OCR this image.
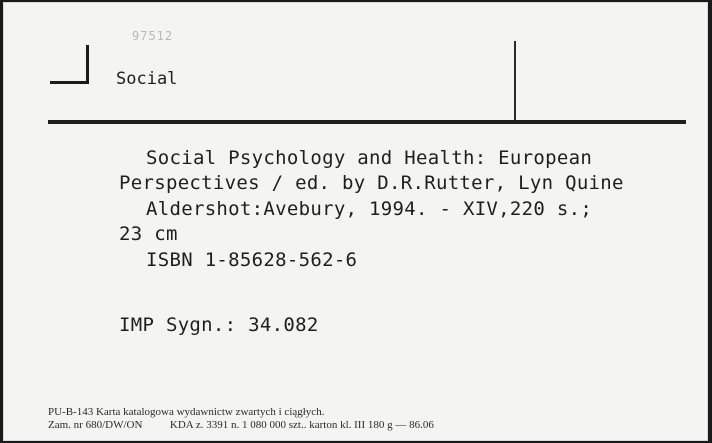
97512

Social

Social Psychology and Health: European

Perspectives / ed. by D.R.Rutter, Lyn Quine

Aldershot:Avebury, 1994. - XIV,220 s.;

23 cm

ISBN 1-85628-562-6

IMP Sygn.: 34.082

PU-B-143 Karta katalogowa wydawnictw zwartych i ciągłych.

Zam. nr 680/DW/ON          KDA z. 3391 n. 1 080 000 szt.. karton kl. III 180 g — 86.06
